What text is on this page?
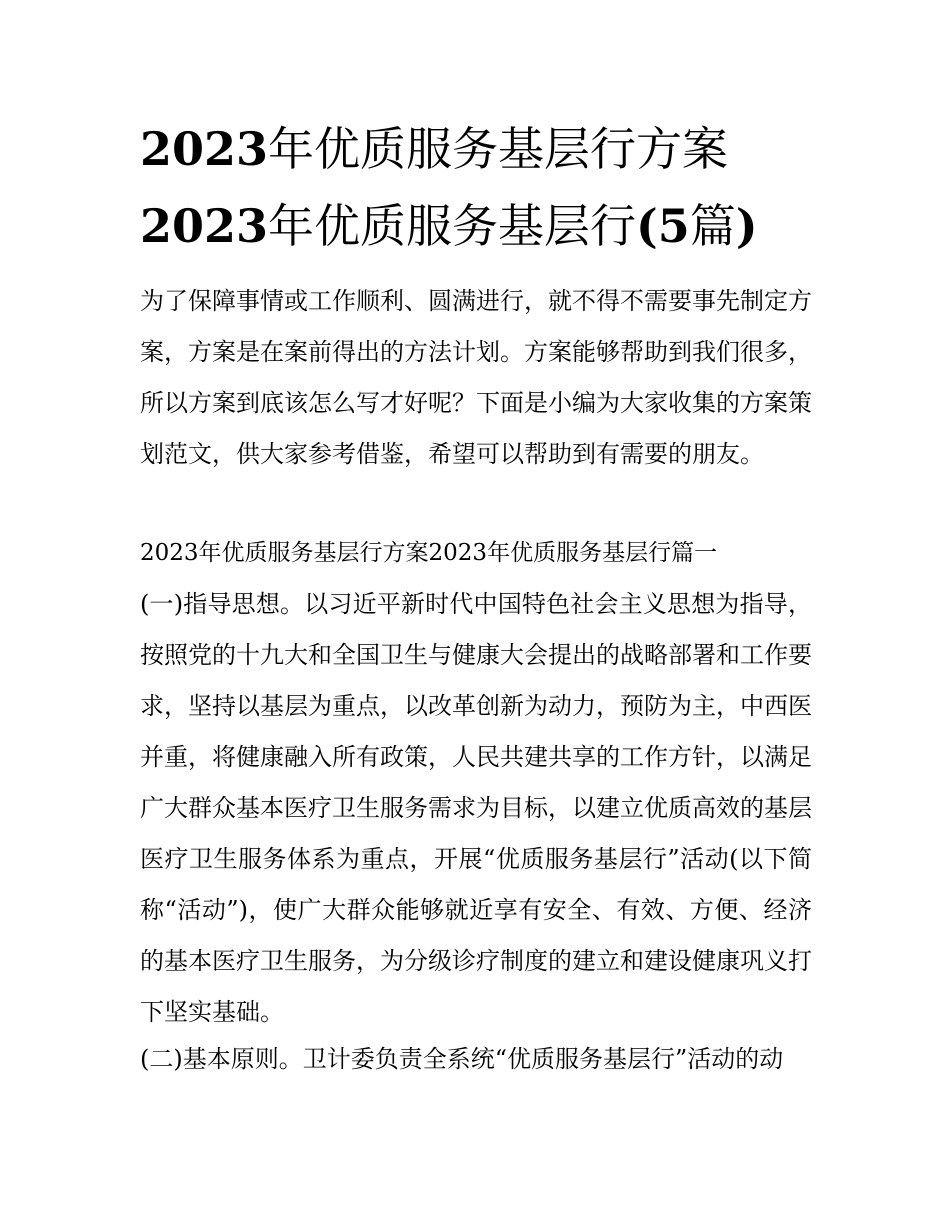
2023年优质服务基层行方案
2023年优质服务基层行(5篇)

为了保障事情或工作顺利、圆满进行，就不得不需要事先制定方案，方案是在案前得出的方法计划。方案能够帮助到我们很多，所以方案到底该怎么写才好呢？下面是小编为大家收集的方案策划范文，供大家参考借鉴，希望可以帮助到有需要的朋友。

2023年优质服务基层行方案2023年优质服务基层行篇一

(一)指导思想。以习近平新时代中国特色社会主义思想为指导，按照党的十九大和全国卫生与健康大会提出的战略部署和工作要求，坚持以基层为重点，以改革创新为动力，预防为主，中西医并重，将健康融入所有政策，人民共建共享的工作方针，以满足广大群众基本医疗卫生服务需求为目标，以建立优质高效的基层医疗卫生服务体系为重点，开展“优质服务基层行”活动(以下简称“活动”)，使广大群众能够就近享有安全、有效、方便、经济的基本医疗卫生服务，为分级诊疗制度的建立和建设健康巩义打下坚实基础。

(二)基本原则。卫计委负责全系统“优质服务基层行”活动的动
